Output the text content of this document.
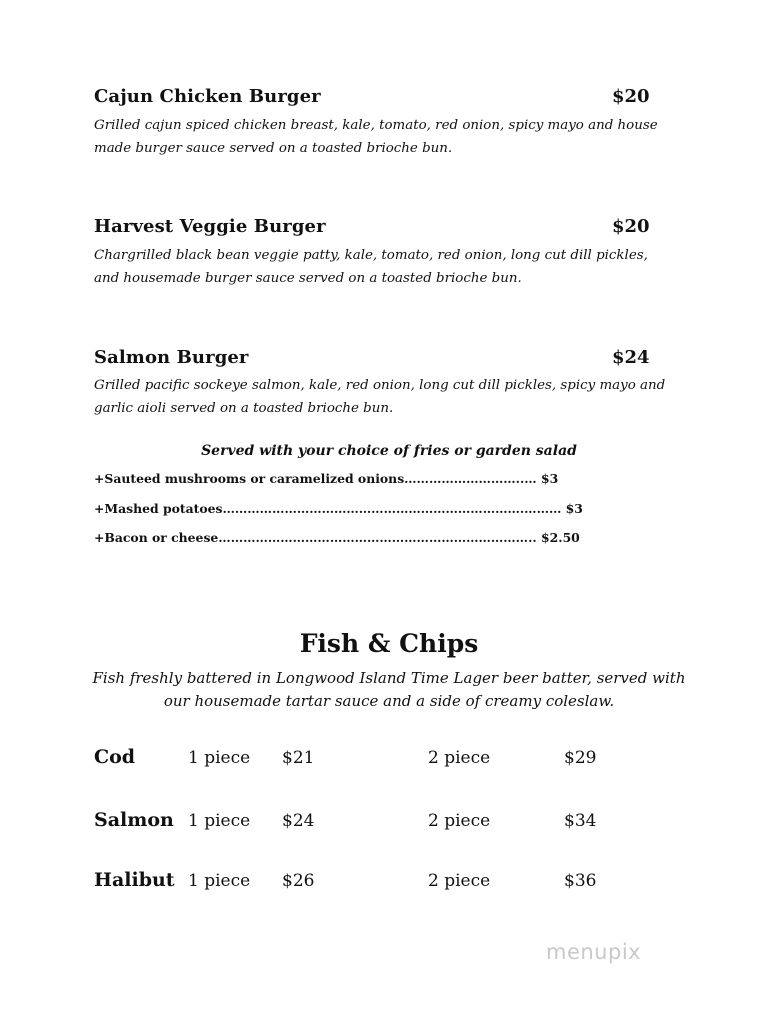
Cajun Chicken Burger	$20
Grilled cajun spiced chicken breast, kale, tomato, red onion, spicy mayo and house
made burger sauce served on a toasted brioche bun.
Harvest Veggie Burger	$20
Chargrilled black bean veggie patty, kale, tomato, red onion, long cut dill pickles,
and housemade burger sauce served on a toasted brioche bun.
Salmon Burger	$24
Grilled pacific sockeye salmon, kale, red onion, long cut dill pickles, spicy mayo and
garlic aioli served on a toasted brioche bun.
Served with your choice of fries or garden salad
+Sauteed mushrooms or caramelized onions………………………..… $3
+Mashed potatoes……………………………………………………………….……… $3
+Bacon or cheese………………………………………………………………….. $2.50
Fish & Chips
Fish freshly battered in Longwood Island Time Lager beer batter, served with
our housemade tartar sauce and a side of creamy coleslaw.
Cod	1 piece $21	2 piece	$29
Salmon 1 piece $24	2 piece	$34
Halibut 1 piece $26	2 piece	$36
menupix
